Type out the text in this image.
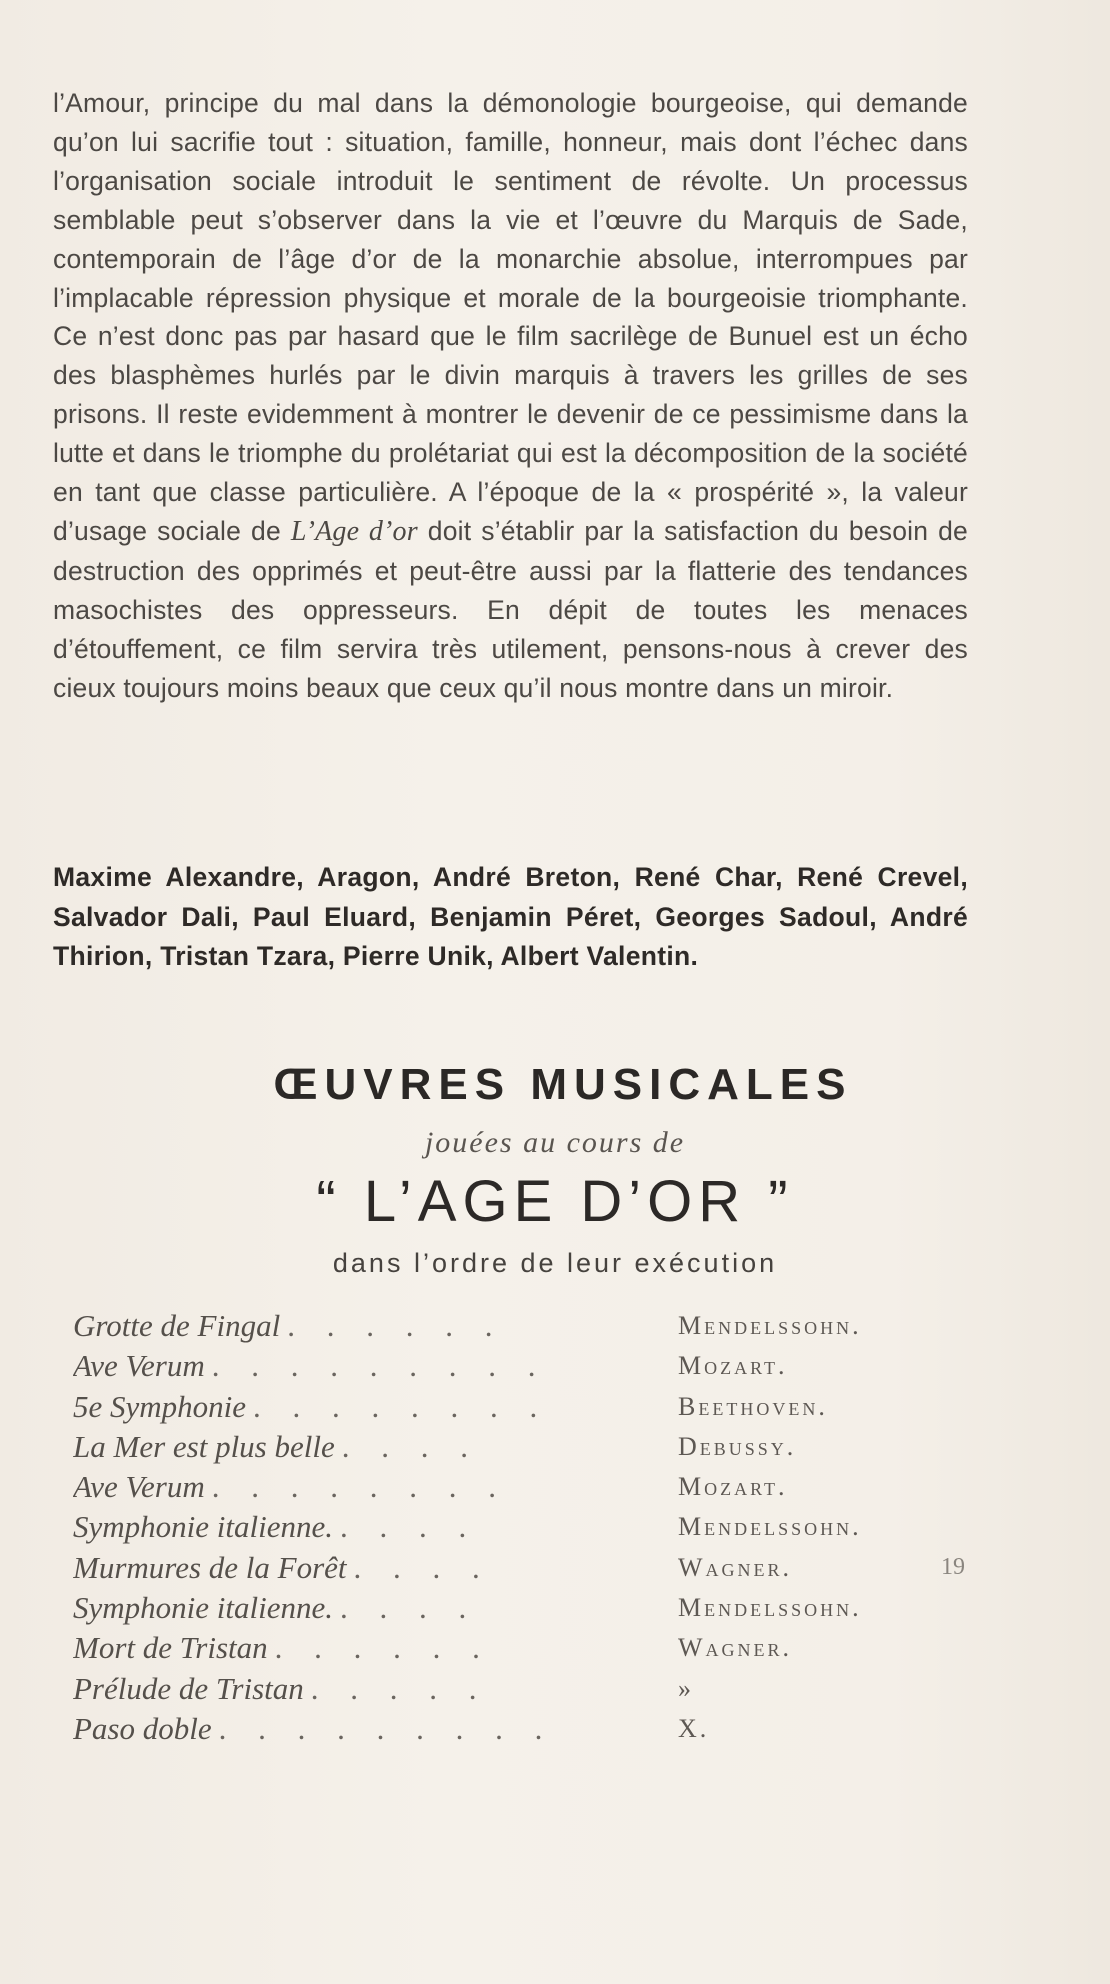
l’Amour, principe du mal dans la démonologie bourgeoise, qui demande qu’on lui sacrifie tout : situation, famille, honneur, mais dont l’échec dans l’organisation sociale introduit le sentiment de révolte. Un processus semblable peut s’observer dans la vie et l’œuvre du Marquis de Sade, contemporain de l’âge d’or de la monarchie absolue, interrompues par l’implacable répression physique et morale de la bourgeoisie triomphante. Ce n’est donc pas par hasard que le film sacrilège de Bunuel est un écho des blasphèmes hurlés par le divin marquis à travers les grilles de ses prisons. Il reste evidemment à montrer le devenir de ce pessimisme dans la lutte et dans le triomphe du prolétariat qui est la décomposition de la société en tant que classe particulière. A l’époque de la « prospérité », la valeur d’usage sociale de L’Age d’or doit s’établir par la satisfaction du besoin de destruction des opprimés et peut-être aussi par la flatterie des tendances masochistes des oppresseurs. En dépit de toutes les menaces d’étouffement, ce film servira très utilement, pensons-nous à crever des cieux toujours moins beaux que ceux qu’il nous montre dans un miroir.

Maxime Alexandre, Aragon, André Breton, René Char, René Crevel, Salvador Dali, Paul Eluard, Benjamin Péret, Georges Sadoul, André Thirion, Tristan Tzara, Pierre Unik, Albert Valentin.
ŒUVRES MUSICALES
jouées au cours de
“ L’AGE D’OR ”
dans l’ordre de leur exécution
Grotte de Fingal . . . . . .	Mendelssohn.
Ave Verum . . . . . . . . .	Mozart.
5e Symphonie . . . . . . . .	Beethoven.
La Mer est plus belle . . . .	Debussy.
Ave Verum . . . . . . . .	Mozart.
Symphonie italienne. . . . .	Mendelssohn.
Murmures de la Forêt . . . .	Wagner.
Symphonie italienne. . . . .	Mendelssohn.
Mort de Tristan . . . . . .	Wagner.
Prélude de Tristan . . . . .	»
Paso doble . . . . . . . . .	X.
19
